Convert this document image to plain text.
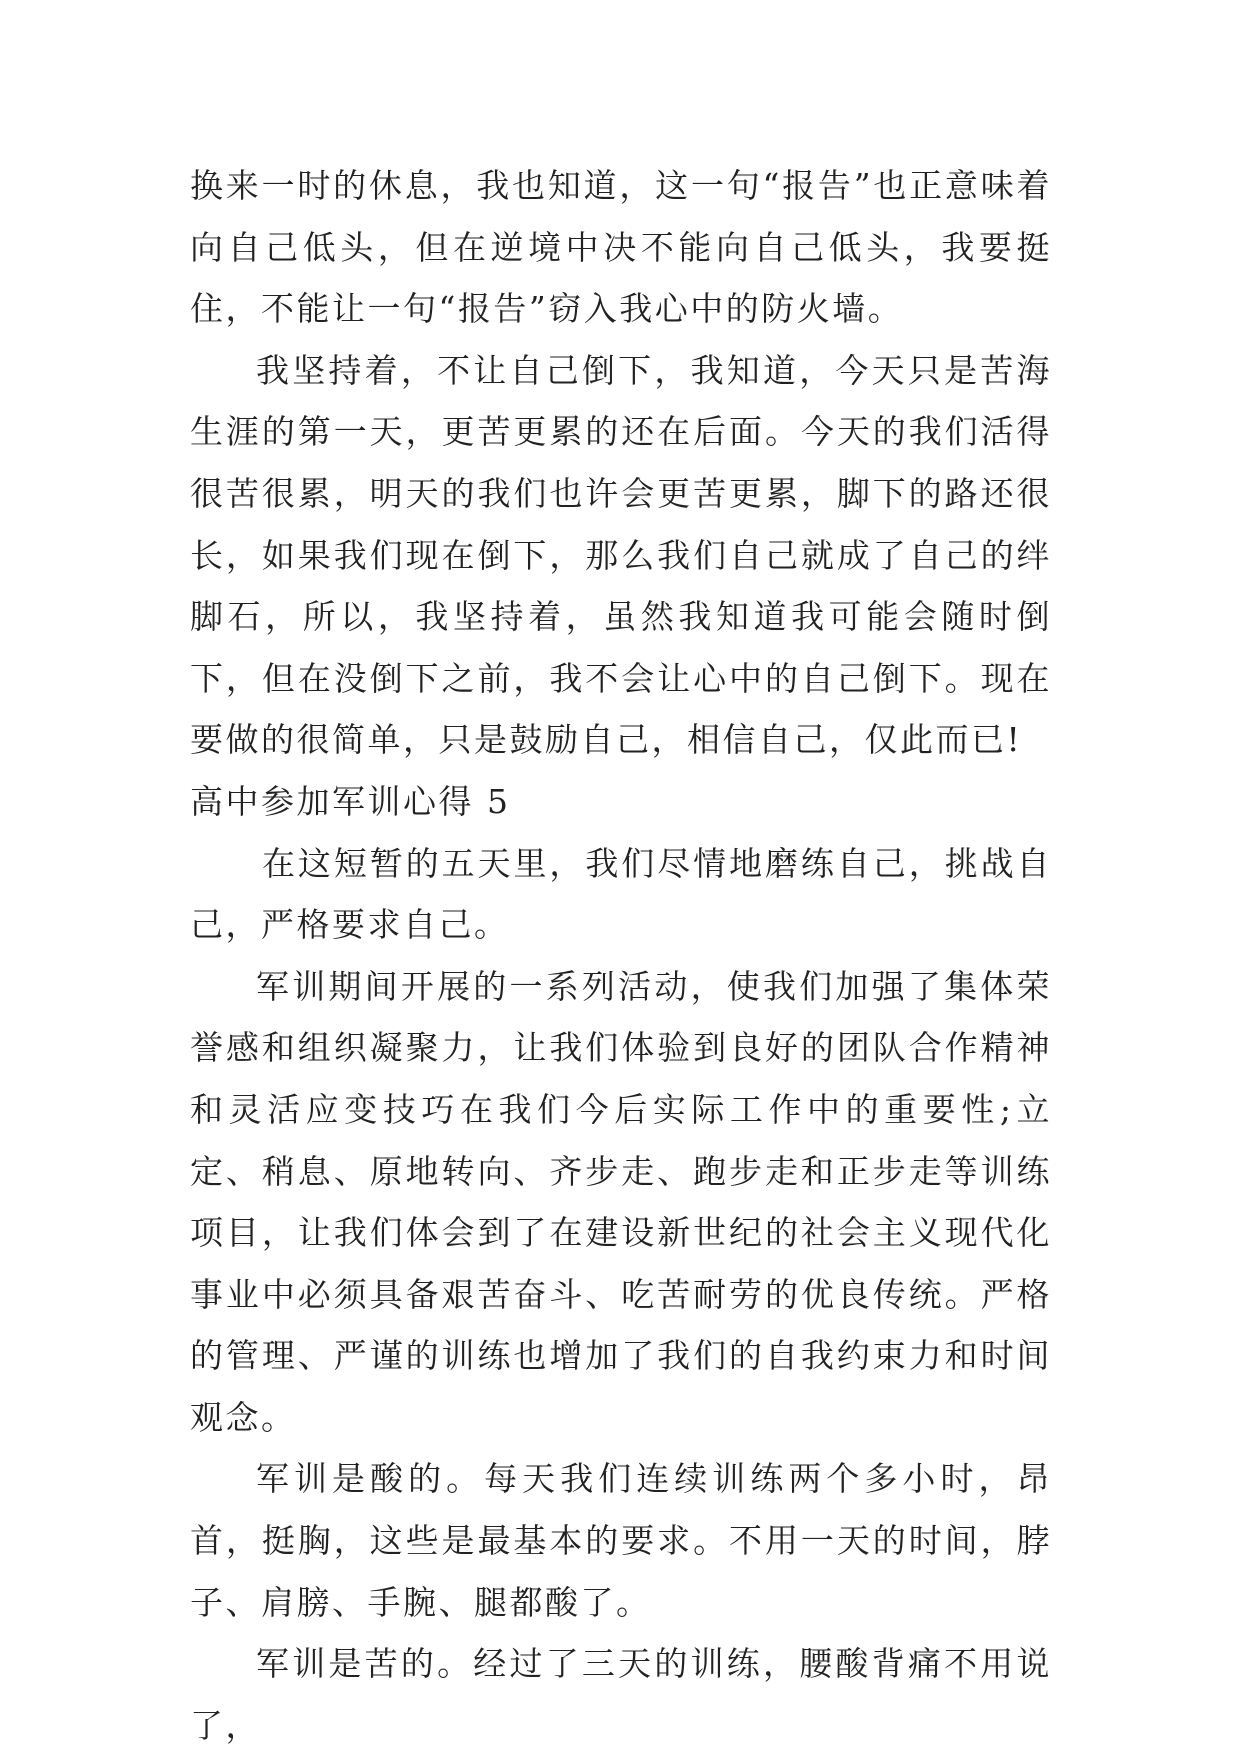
换来一时的休息，我也知道，这一句“报告”也正意味着向自己低头，但在逆境中决不能向自己低头，我要挺住，不能让一句“报告”窃入我心中的防火墙。

我坚持着，不让自己倒下，我知道，今天只是苦海生涯的第一天，更苦更累的还在后面。今天的我们活得很苦很累，明天的我们也许会更苦更累，脚下的路还很长，如果我们现在倒下，那么我们自己就成了自己的绊脚石，所以，我坚持着，虽然我知道我可能会随时倒下，但在没倒下之前，我不会让心中的自己倒下。现在要做的很简单，只是鼓励自己，相信自己，仅此而已!

高中参加军训心得 5

在这短暂的五天里，我们尽情地磨练自己，挑战自己，严格要求自己。

军训期间开展的一系列活动，使我们加强了集体荣誉感和组织凝聚力，让我们体验到良好的团队合作精神和灵活应变技巧在我们今后实际工作中的重要性;立定、稍息、原地转向、齐步走、跑步走和正步走等训练项目，让我们体会到了在建设新世纪的社会主义现代化事业中必须具备艰苦奋斗、吃苦耐劳的优良传统。严格的管理、严谨的训练也增加了我们的自我约束力和时间观念。

军训是酸的。每天我们连续训练两个多小时，昂首，挺胸，这些是最基本的要求。不用一天的时间，脖子、肩膀、手腕、腿都酸了。

军训是苦的。经过了三天的训练，腰酸背痛不用说了，
